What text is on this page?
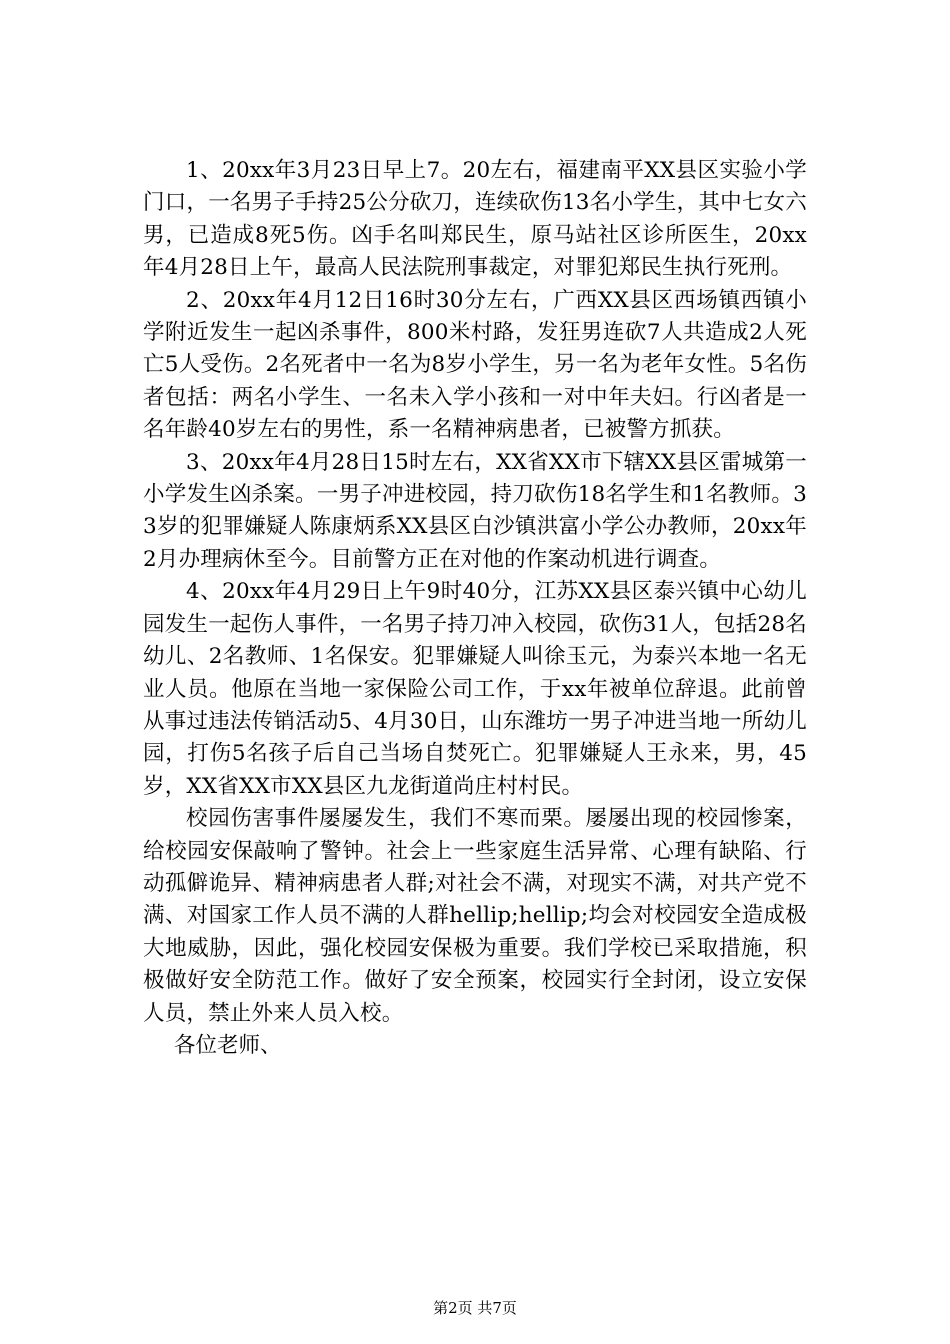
1、20xx年3月23日早上7。20左右，福建南平XX县区实验小学门口，一名男子手持25公分砍刀，连续砍伤13名小学生，其中七女六男，已造成8死5伤。凶手名叫郑民生，原马站社区诊所医生，20xx年4月28日上午，最高人民法院刑事裁定，对罪犯郑民生执行死刑。

2、20xx年4月12日16时30分左右，广西XX县区西场镇西镇小学附近发生一起凶杀事件，800米村路，发狂男连砍7人共造成2人死亡5人受伤。2名死者中一名为8岁小学生，另一名为老年女性。5名伤者包括：两名小学生、一名未入学小孩和一对中年夫妇。行凶者是一名年龄40岁左右的男性，系一名精神病患者，已被警方抓获。

3、20xx年4月28日15时左右，XX省XX市下辖XX县区雷城第一小学发生凶杀案。一男子冲进校园，持刀砍伤18名学生和1名教师。33岁的犯罪嫌疑人陈康炳系XX县区白沙镇洪富小学公办教师，20xx年2月办理病休至今。目前警方正在对他的作案动机进行调查。

4、20xx年4月29日上午9时40分，江苏XX县区泰兴镇中心幼儿园发生一起伤人事件，一名男子持刀冲入校园，砍伤31人，包括28名幼儿、2名教师、1名保安。犯罪嫌疑人叫徐玉元，为泰兴本地一名无业人员。他原在当地一家保险公司工作，于xx年被单位辞退。此前曾从事过违法传销活动5、4月30日，山东潍坊一男子冲进当地一所幼儿园，打伤5名孩子后自己当场自焚死亡。犯罪嫌疑人王永来，男，45岁，XX省XX市XX县区九龙街道尚庄村村民。

校园伤害事件屡屡发生，我们不寒而栗。屡屡出现的校园惨案，给校园安保敲响了警钟。社会上一些家庭生活异常、心理有缺陷、行动孤僻诡异、精神病患者人群;对社会不满，对现实不满，对共产党不满、对国家工作人员不满的人群hellip;hellip;均会对校园安全造成极大地威胁，因此，强化校园安保极为重要。我们学校已采取措施，积极做好安全防范工作。做好了安全预案，校园实行全封闭，设立安保人员，禁止外来人员入校。

各位老师、

第2页 共7页
